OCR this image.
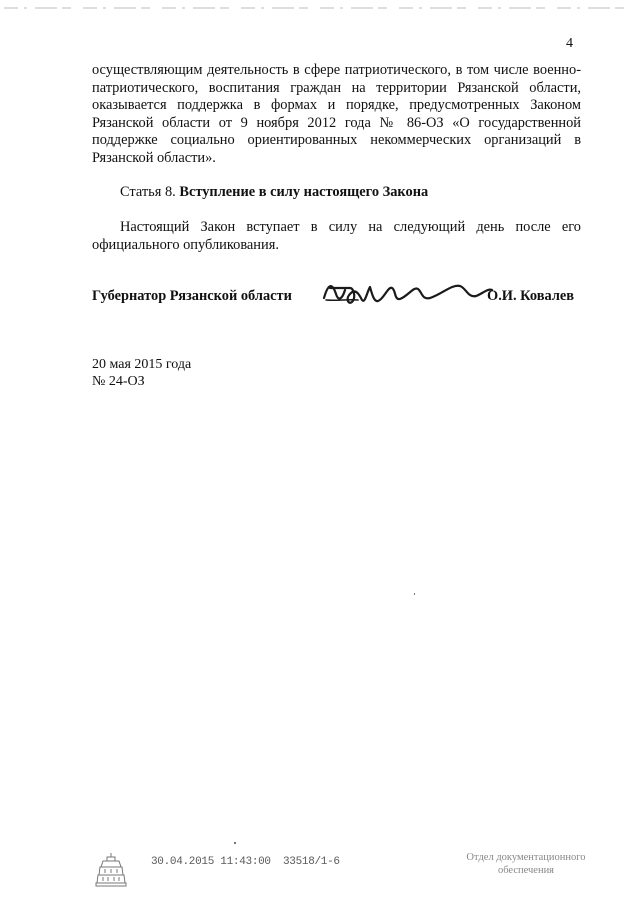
4

осуществляющим деятельность в сфере патриотического, в том числе военно-патриотического, воспитания граждан на территории Рязанской области, оказывается поддержка в формах и порядке, предусмотренных Законом Рязанской области от 9 ноября 2012 года № 86-ОЗ «О государственной поддержке социально ориентированных некоммерческих организаций в Рязанской области».

Статья 8. Вступление в силу настоящего Закона

Настоящий Закон вступает в силу на следующий день после его официального опубликования.

Губернатор Рязанской области	О.И. Ковалев
20 мая 2015 года
№ 24-ОЗ
30.04.2015 11:43:00 33518/1-6	Отдел документационного
обеспечения
